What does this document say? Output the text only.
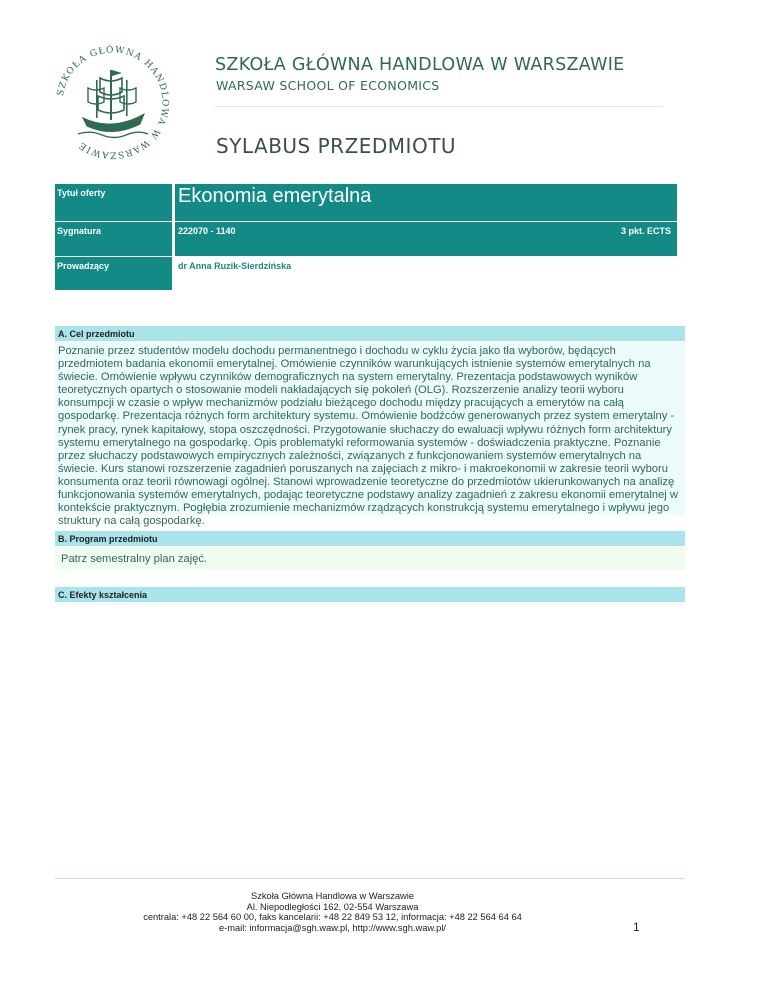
SZKOŁA GŁÓWNA HANDLOWA W WARSZAWIE
SZKOŁA GŁÓWNA HANDLOWA W WARSZAWIE
WARSAW SCHOOL OF ECONOMICS
SYLABUS PRZEDMIOTU
Tytuł oferty	Ekonomia emerytalna
Sygnatura	222070 - 1140	3 pkt. ECTS
Prowadzący	dr Anna Ruzik-Sierdzińska
A. Cel przedmiotu
Poznanie przez studentów modelu dochodu permanentnego i dochodu w cyklu życia jako tła wyborów, będących przedmiotem badania ekonomii emerytalnej. Omówienie czynników warunkujących istnienie systemów emerytalnych na świecie. Omówienie wpływu czynników demograficznych na system emerytalny. Prezentacja podstawowych wyników teoretycznych opartych o stosowanie modeli nakładających się pokoleń (OLG). Rozszerzenie analizy teorii wyboru konsumpcji w czasie o wpływ mechanizmów podziału bieżącego dochodu między pracujących a emerytów na całą gospodarkę. Prezentacja różnych form architektury systemu. Omówienie bodźców generowanych przez system emerytalny - rynek pracy, rynek kapitałowy, stopa oszczędności. Przygotowanie słuchaczy do ewaluacji wpływu różnych form architektury systemu emerytalnego na gospodarkę. Opis problematyki reformowania systemów - doświadczenia praktyczne. Poznanie przez słuchaczy podstawowych empirycznych zależności, związanych z funkcjonowaniem systemów emerytalnych na świecie. Kurs stanowi rozszerzenie zagadnień poruszanych na zajęciach z mikro- i makroekonomii w zakresie teorii wyboru konsumenta oraz teorii równowagi ogólnej. Stanowi wprowadzenie teoretyczne do przedmiotów ukierunkowanych na analizę funkcjonowania systemów emerytalnych, podając teoretyczne podstawy analizy zagadnień z zakresu ekonomii emerytalnej w kontekście praktycznym. Pogłębia zrozumienie mechanizmów rządzących konstrukcją systemu emerytalnego i wpływu jego struktury na całą gospodarkę.
B. Program przedmiotu
Patrz semestralny plan zajęć.
C. Efekty kształcenia
Szkoła Główna Handlowa w Warszawie
Al. Niepodległości 162, 02-554 Warszawa
centrala: +48 22 564 60 00, faks kancelarii: +48 22 849 53 12, informacja: +48 22 564 64 64
e-mail: informacja@sgh.waw.pl, http://www.sgh.waw.pl/	1
